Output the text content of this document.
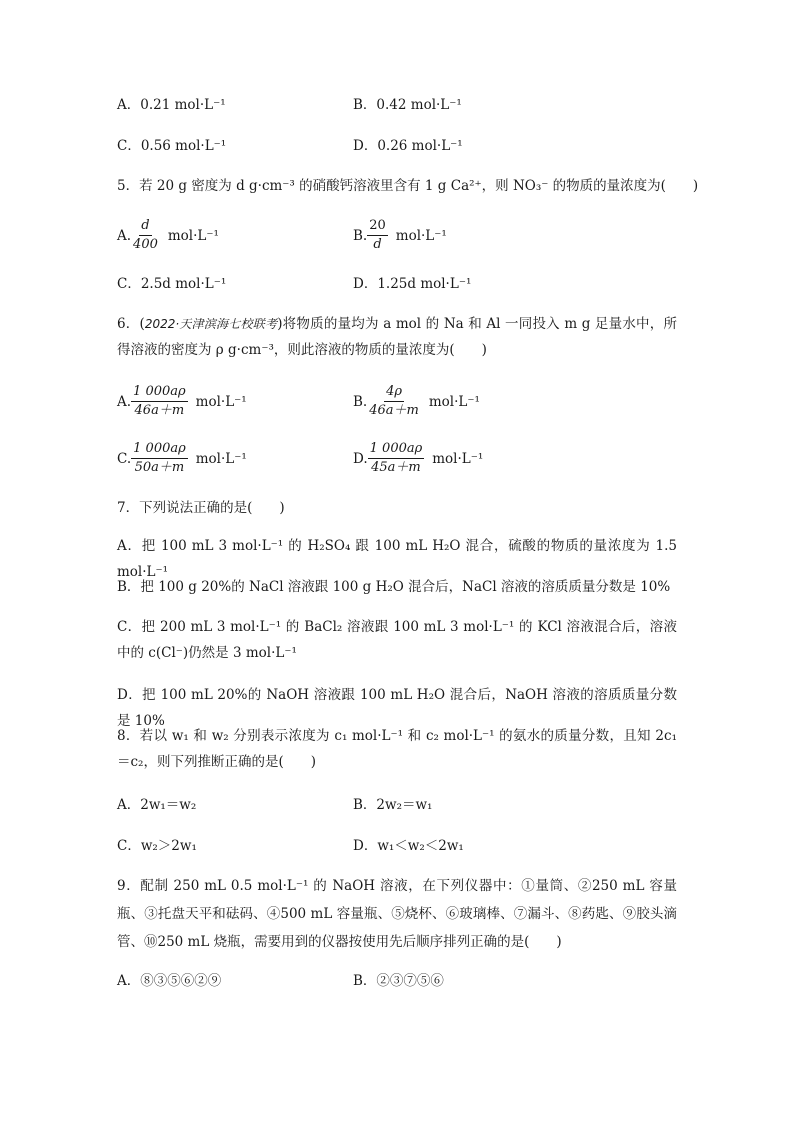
A．0.21 mol·L⁻¹	B．0.42 mol·L⁻¹
C．0.56 mol·L⁻¹	D．0.26 mol·L⁻¹
5．若 20 g 密度为 d g·cm⁻³ 的硝酸钙溶液里含有 1 g Ca²⁺，则 NO₃⁻ 的物质的量浓度为(　　)
A. $\frac{d}{400} mol\cdot L^{-1}$	B. $\frac{20}{d} mol\cdot L^{-1}$
C．2.5d mol·L⁻¹	D．1.25d mol·L⁻¹
6．(2022·天津滨海七校联考)将物质的量均为 a mol 的 Na 和 Al 一同投入 m g 足量水中，所得溶液的密度为 ρ g·cm⁻³，则此溶液的物质的量浓度为(　　)
A. $\frac{1 000a\rho}{46a+m} mol\cdot L^{-1}$	B. $\frac{4\rho}{46a+m} mol\cdot L^{-1}$
C. $\frac{1 000a\rho}{50a+m} mol\cdot L^{-1}$	D. $\frac{1 000a\rho}{45a+m} mol\cdot L^{-1}$
7．下列说法正确的是(　　)
A．把 100 mL 3 mol·L⁻¹ 的 H₂SO₄ 跟 100 mL H₂O 混合，硫酸的物质的量浓度为 1.5 mol·L⁻¹
B．把 100 g 20%的 NaCl 溶液跟 100 g H₂O 混合后，NaCl 溶液的溶质质量分数是 10%
C．把 200 mL 3 mol·L⁻¹ 的 BaCl₂ 溶液跟 100 mL 3 mol·L⁻¹ 的 KCl 溶液混合后，溶液中的 c(Cl⁻)仍然是 3 mol·L⁻¹
D．把 100 mL 20%的 NaOH 溶液跟 100 mL H₂O 混合后，NaOH 溶液的溶质质量分数是 10%
8．若以 w₁ 和 w₂ 分别表示浓度为 c₁ mol·L⁻¹ 和 c₂ mol·L⁻¹ 的氨水的质量分数，且知 2c₁＝c₂，则下列推断正确的是(　　)
A．2w₁＝w₂	B．2w₂＝w₁
C．w₂＞2w₁	D．w₁＜w₂＜2w₁
9．配制 250 mL 0.5 mol·L⁻¹ 的 NaOH 溶液，在下列仪器中：①量筒、②250 mL 容量瓶、③托盘天平和砝码、④500 mL 容量瓶、⑤烧杯、⑥玻璃棒、⑦漏斗、⑧药匙、⑨胶头滴管、⑩250 mL 烧瓶，需要用到的仪器按使用先后顺序排列正确的是(　　)
A．⑧③⑤⑥②⑨	B．②③⑦⑤⑥
